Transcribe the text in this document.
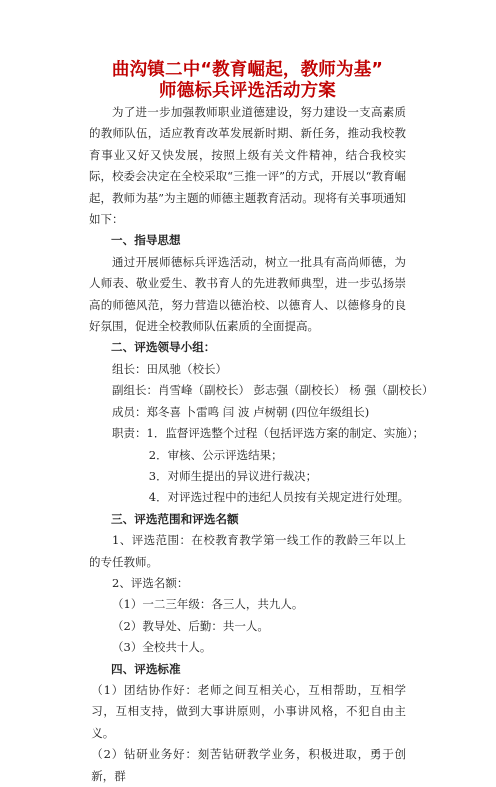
曲沟镇二中“教育崛起，教师为基”
师德标兵评选活动方案

为了进一步加强教师职业道德建设，努力建设一支高素质的教师队伍，适应教育改革发展新时期、新任务，推动我校教育事业又好又快发展，按照上级有关文件精神，结合我校实际，校委会决定在全校采取“三推一评”的方式，开展以“教育崛起，教师为基”为主题的师德主题教育活动。现将有关事项通知如下：

一、指导思想

通过开展师德标兵评选活动，树立一批具有高尚师德，为人师表、敬业爱生、教书育人的先进教师典型，进一步弘扬崇高的师德风范，努力营造以德治校、以德育人、以德修身的良好氛围，促进全校教师队伍素质的全面提高。

二、评选领导小组：

组长：田凤驰（校长）

副组长：肖雪峰（副校长） 彭志强（副校长） 杨 强（副校长）

成员：郑冬喜 卜雷鸣 闫 波 卢树朝 (四位年级组长)

职责：1．监督评选整个过程（包括评选方案的制定、实施）；

2．审核、公示评选结果；

3．对师生提出的异议进行裁决；

4．对评选过程中的违纪人员按有关规定进行处理。

三、评选范围和评选名额

1、评选范围：在校教育教学第一线工作的教龄三年以上的专任教师。

2、评选名额：

（1）一二三年级：各三人，共九人。

（2）教导处、后勤：共一人。

（3）全校共十人。

四、评选标准

（1）团结协作好：老师之间互相关心，互相帮助，互相学习，互相支持，做到大事讲原则，小事讲风格，不犯自由主义。

（2）钻研业务好：刻苦钻研教学业务，积极进取，勇于创新，群
